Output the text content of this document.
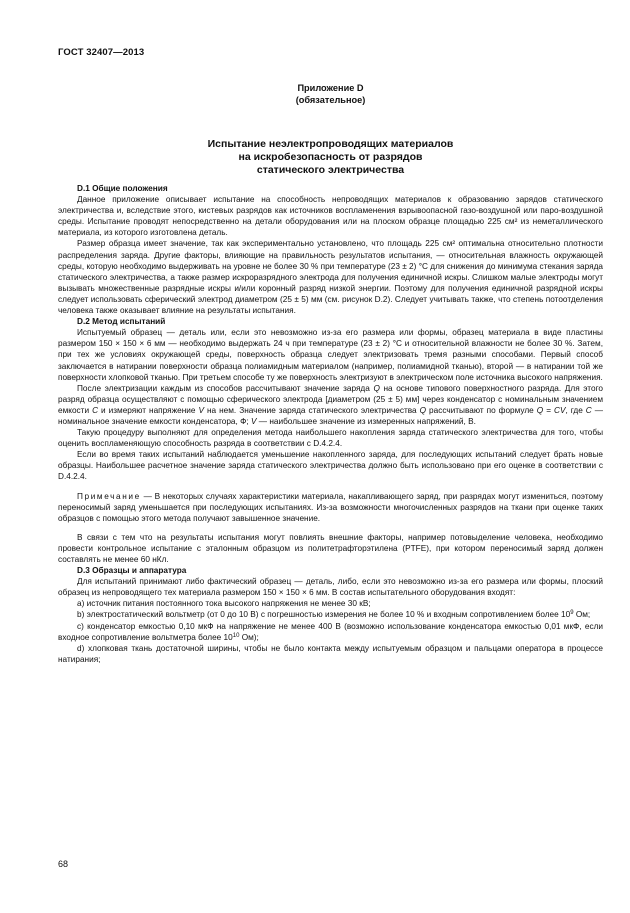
ГОСТ 32407—2013
Приложение D
(обязательное)
Испытание неэлектропроводящих материалов
на искробезопасность от разрядов
статического электричества

D.1 Общие положения

Данное приложение описывает испытание на способность непроводящих материалов к образованию зарядов статического электричества и, вследствие этого, кистевых разрядов как источников воспламенения взрывоопасной газо-воздушной или паро-воздушной среды. Испытание проводят непосредственно на детали оборудования или на плоском образце площадью 225 см² из неметаллического материала, из которого изготовлена деталь.

Размер образца имеет значение, так как экспериментально установлено, что площадь 225 см² оптимальна относительно плотности распределения заряда. Другие факторы, влияющие на правильность результатов испытания, — относительная влажность окружающей среды, которую необходимо выдерживать на уровне не более 30 % при температуре (23 ± 2) °С для снижения до минимума стекания заряда статического электричества, а также размер искроразрядного электрода для получения единичной искры. Слишком малые электроды могут вызывать множественные разрядные искры и/или коронный разряд низкой энергии. Поэтому для получения единичной разрядной искры следует использовать сферический электрод диаметром (25 ± 5) мм (см. рисунок D.2). Следует учитывать также, что степень потоотделения человека также оказывает влияние на результаты испытания.

D.2 Метод испытаний

Испытуемый образец — деталь или, если это невозможно из-за его размера или формы, образец материала в виде пластины размером 150 × 150 × 6 мм — необходимо выдержать 24 ч при температуре (23 ± 2) °С и относительной влажности не более 30 %. Затем, при тех же условиях окружающей среды, поверхность образца следует электризовать тремя разными способами. Первый способ заключается в натирании поверхности образца полиамидным материалом (например, полиамидной тканью), второй — в натирании той же поверхности хлопковой тканью. При третьем способе ту же поверхность электризуют в электрическом поле источника высокого напряжения.

После электризации каждым из способов рассчитывают значение заряда Q на основе типового поверхностного разряда. Для этого разряд образца осуществляют с помощью сферического электрода [диаметром (25 ± 5) мм] через конденсатор с номинальным значением емкости С и измеряют напряжение V на нем. Значение заряда статического электричества Q рассчитывают по формуле Q = CV, где С — номинальное значение емкости конденсатора, Ф; V — наибольшее значение из измеренных напряжений, В.

Такую процедуру выполняют для определения метода наибольшего накопления заряда статического электричества для того, чтобы оценить воспламеняющую способность разряда в соответствии с D.4.2.4.

Если во время таких испытаний наблюдается уменьшение накопленного заряда, для последующих испытаний следует брать новые образцы. Наибольшее расчетное значение заряда статического электричества должно быть использовано при его оценке в соответствии с D.4.2.4.

Примечание — В некоторых случаях характеристики материала, накапливающего заряд, при разрядах могут измениться, поэтому переносимый заряд уменьшается при последующих испытаниях. Из-за возможности многочисленных разрядов на ткани при оценке таких образцов с помощью этого метода получают завышенное значение.

В связи с тем что на результаты испытания могут повлиять внешние факторы, например потовыделение человека, необходимо провести контрольное испытание с эталонным образцом из политетрафторэтилена (PTFE), при котором переносимый заряд должен составлять не менее 60 нКл.

D.3 Образцы и аппаратура

Для испытаний принимают либо фактический образец — деталь, либо, если это невозможно из-за его размера или формы, плоский образец из непроводящего тех материала размером 150 × 150 × 6 мм. В состав испытательного оборудования входят:

а) источник питания постоянного тока высокого напряжения не менее 30 кВ;

b) электростатический вольтметр (от 0 до 10 В) с погрешностью измерения не более 10 % и входным сопротивлением более $10^9$ Ом;

с) конденсатор емкостью 0,10 мкФ на напряжение не менее 400 В (возможно использование конденсатора емкостью 0,01 мкФ, если входное сопротивление вольтметра более $10^{10}$ Ом);

d) хлопковая ткань достаточной ширины, чтобы не было контакта между испытуемым образцом и пальцами оператора в процессе натирания;

68
